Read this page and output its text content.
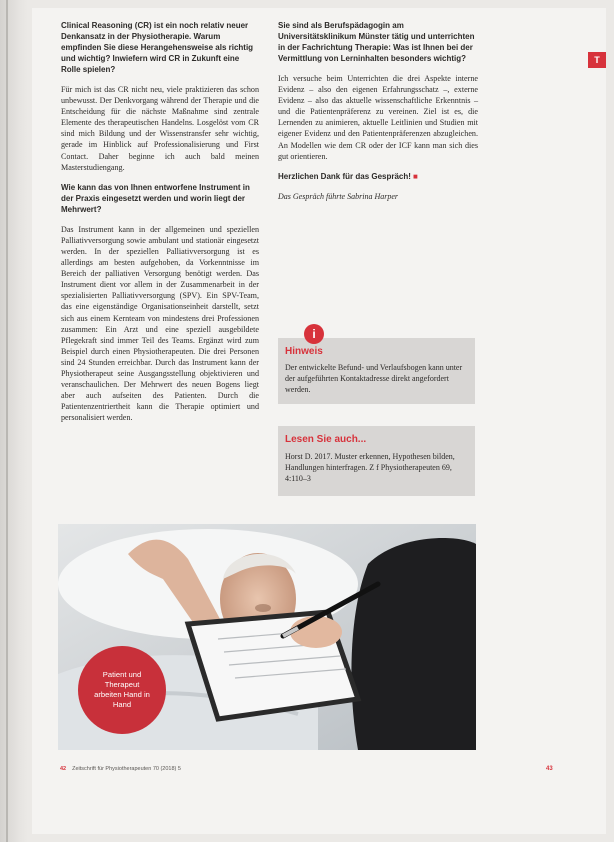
T

Clinical Reasoning (CR) ist ein noch relativ neuer Denkansatz in der Physiotherapie. Warum empfinden Sie diese Herangehensweise als richtig und wichtig? Inwiefern wird CR in Zukunft eine Rolle spielen?

Für mich ist das CR nicht neu, viele praktizieren das schon unbewusst. Der Denkvorgang während der Therapie und die Entscheidung für die nächste Maßnahme sind zentrale Elemente des therapeutischen Handelns. Losgelöst vom CR sind mich Bildung und der Wissenstransfer sehr wichtig, gerade im Hinblick auf Professionalisierung und First Contact. Daher beginne ich auch bald meinen Masterstudiengang.

Wie kann das von Ihnen entworfene Instrument in der Praxis eingesetzt werden und worin liegt der Mehrwert?

Das Instrument kann in der allgemeinen und speziellen Palliativversorgung sowie ambulant und stationär eingesetzt werden. In der speziellen Palliativversorgung ist es allerdings am besten aufgehoben, da Vorkenntnisse im Bereich der palliativen Versorgung benötigt werden. Das Instrument dient vor allem in der Zusammenarbeit in der spezialisierten Palliativversorgung (SPV). Ein SPV-Team, das eine eigenständige Organisationseinheit darstellt, setzt sich aus einem Kernteam von mindestens drei Professionen zusammen: Ein Arzt und eine speziell ausgebildete Pflegekraft sind immer Teil des Teams. Ergänzt wird zum Beispiel durch einen Physiotherapeuten. Die drei Personen sind 24 Stunden erreichbar. Durch das Instrument kann der Physiotherapeut seine Ausgangsstellung objektivieren und veranschaulichen. Der Mehrwert des neuen Bogens liegt aber auch aufseiten des Patienten. Durch die Patientenzentriertheit kann die Therapie optimiert und personalisiert werden.

Sie sind als Berufspädagogin am Universitätsklinikum Münster tätig und unterrichten in der Fachrichtung Therapie: Was ist Ihnen bei der Vermittlung von Lerninhalten besonders wichtig?

Ich versuche beim Unterrichten die drei Aspekte interne Evidenz – also den eigenen Erfahrungsschatz –, externe Evidenz – also das aktuelle wissenschaftliche Erkenntnis – und die Patientenpräferenz zu vereinen. Ziel ist es, die Lernenden zu animieren, aktuelle Leitlinien und Studien mit eigener Evidenz und den Patientenpräferenzen abzugleichen. An Modellen wie dem CR oder der ICF kann man sich dies gut orientieren.

Herzlichen Dank für das Gespräch! ■

Das Gespräch führte Sabrina Harper

i
Hinweis
Der entwickelte Befund- und Verlaufsbogen kann unter der aufgeführten Kontaktadresse direkt angefordert werden.
Lesen Sie auch...
Horst D. 2017. Muster erkennen, Hypothesen bilden, Handlungen hinterfragen. Z f Physiotherapeuten 69, 4:110–3
Patient und Therapeut arbeiten Hand in Hand
42 Zeitschrift für Physiotherapeuten 70 (2018) 5	43
